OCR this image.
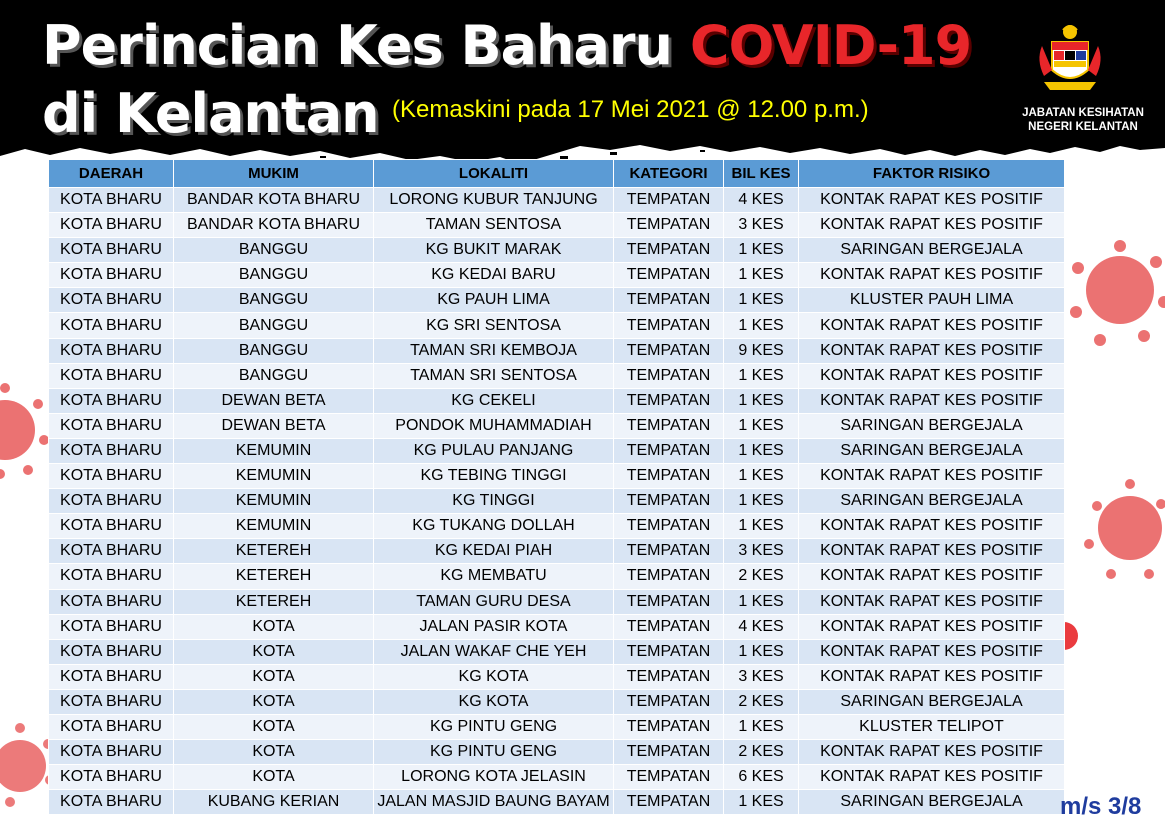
Perincian Kes Baharu COVID-19
di Kelantan (Kemaskini pada 17 Mei 2021 @ 12.00 p.m.)	JABATAN KESIHATAN
NEGERI KELANTAN
DAERAH	MUKIM	LOKALITI	KATEGORI	BIL KES	FAKTOR RISIKO
KOTA BHARU	BANDAR KOTA BHARU	LORONG KUBUR TANJUNG	TEMPATAN	4 KES	KONTAK RAPAT KES POSITIF
KOTA BHARU	BANDAR KOTA BHARU	TAMAN SENTOSA	TEMPATAN	3 KES	KONTAK RAPAT KES POSITIF
KOTA BHARU	BANGGU	KG BUKIT MARAK	TEMPATAN	1 KES	SARINGAN BERGEJALA
KOTA BHARU	BANGGU	KG KEDAI BARU	TEMPATAN	1 KES	KONTAK RAPAT KES POSITIF
KOTA BHARU	BANGGU	KG PAUH LIMA	TEMPATAN	1 KES	KLUSTER PAUH LIMA
KOTA BHARU	BANGGU	KG SRI SENTOSA	TEMPATAN	1 KES	KONTAK RAPAT KES POSITIF
KOTA BHARU	BANGGU	TAMAN SRI KEMBOJA	TEMPATAN	9 KES	KONTAK RAPAT KES POSITIF
KOTA BHARU	BANGGU	TAMAN SRI SENTOSA	TEMPATAN	1 KES	KONTAK RAPAT KES POSITIF
KOTA BHARU	DEWAN BETA	KG CEKELI	TEMPATAN	1 KES	KONTAK RAPAT KES POSITIF
KOTA BHARU	DEWAN BETA	PONDOK MUHAMMADIAH	TEMPATAN	1 KES	SARINGAN BERGEJALA
KOTA BHARU	KEMUMIN	KG PULAU PANJANG	TEMPATAN	1 KES	SARINGAN BERGEJALA
KOTA BHARU	KEMUMIN	KG TEBING TINGGI	TEMPATAN	1 KES	KONTAK RAPAT KES POSITIF
KOTA BHARU	KEMUMIN	KG TINGGI	TEMPATAN	1 KES	SARINGAN BERGEJALA
KOTA BHARU	KEMUMIN	KG TUKANG DOLLAH	TEMPATAN	1 KES	KONTAK RAPAT KES POSITIF
KOTA BHARU	KETEREH	KG KEDAI PIAH	TEMPATAN	3 KES	KONTAK RAPAT KES POSITIF
KOTA BHARU	KETEREH	KG MEMBATU	TEMPATAN	2 KES	KONTAK RAPAT KES POSITIF
KOTA BHARU	KETEREH	TAMAN GURU DESA	TEMPATAN	1 KES	KONTAK RAPAT KES POSITIF
KOTA BHARU	KOTA	JALAN PASIR KOTA	TEMPATAN	4 KES	KONTAK RAPAT KES POSITIF
KOTA BHARU	KOTA	JALAN WAKAF CHE YEH	TEMPATAN	1 KES	KONTAK RAPAT KES POSITIF
KOTA BHARU	KOTA	KG KOTA	TEMPATAN	3 KES	KONTAK RAPAT KES POSITIF
KOTA BHARU	KOTA	KG KOTA	TEMPATAN	2 KES	SARINGAN BERGEJALA
KOTA BHARU	KOTA	KG PINTU GENG	TEMPATAN	1 KES	KLUSTER TELIPOT
KOTA BHARU	KOTA	KG PINTU GENG	TEMPATAN	2 KES	KONTAK RAPAT KES POSITIF
KOTA BHARU	KOTA	LORONG KOTA JELASIN	TEMPATAN	6 KES	KONTAK RAPAT KES POSITIF
KOTA BHARU	KUBANG KERIAN	JALAN MASJID BAUNG BAYAM	TEMPATAN	1 KES	SARINGAN BERGEJALA m/s 3/8
